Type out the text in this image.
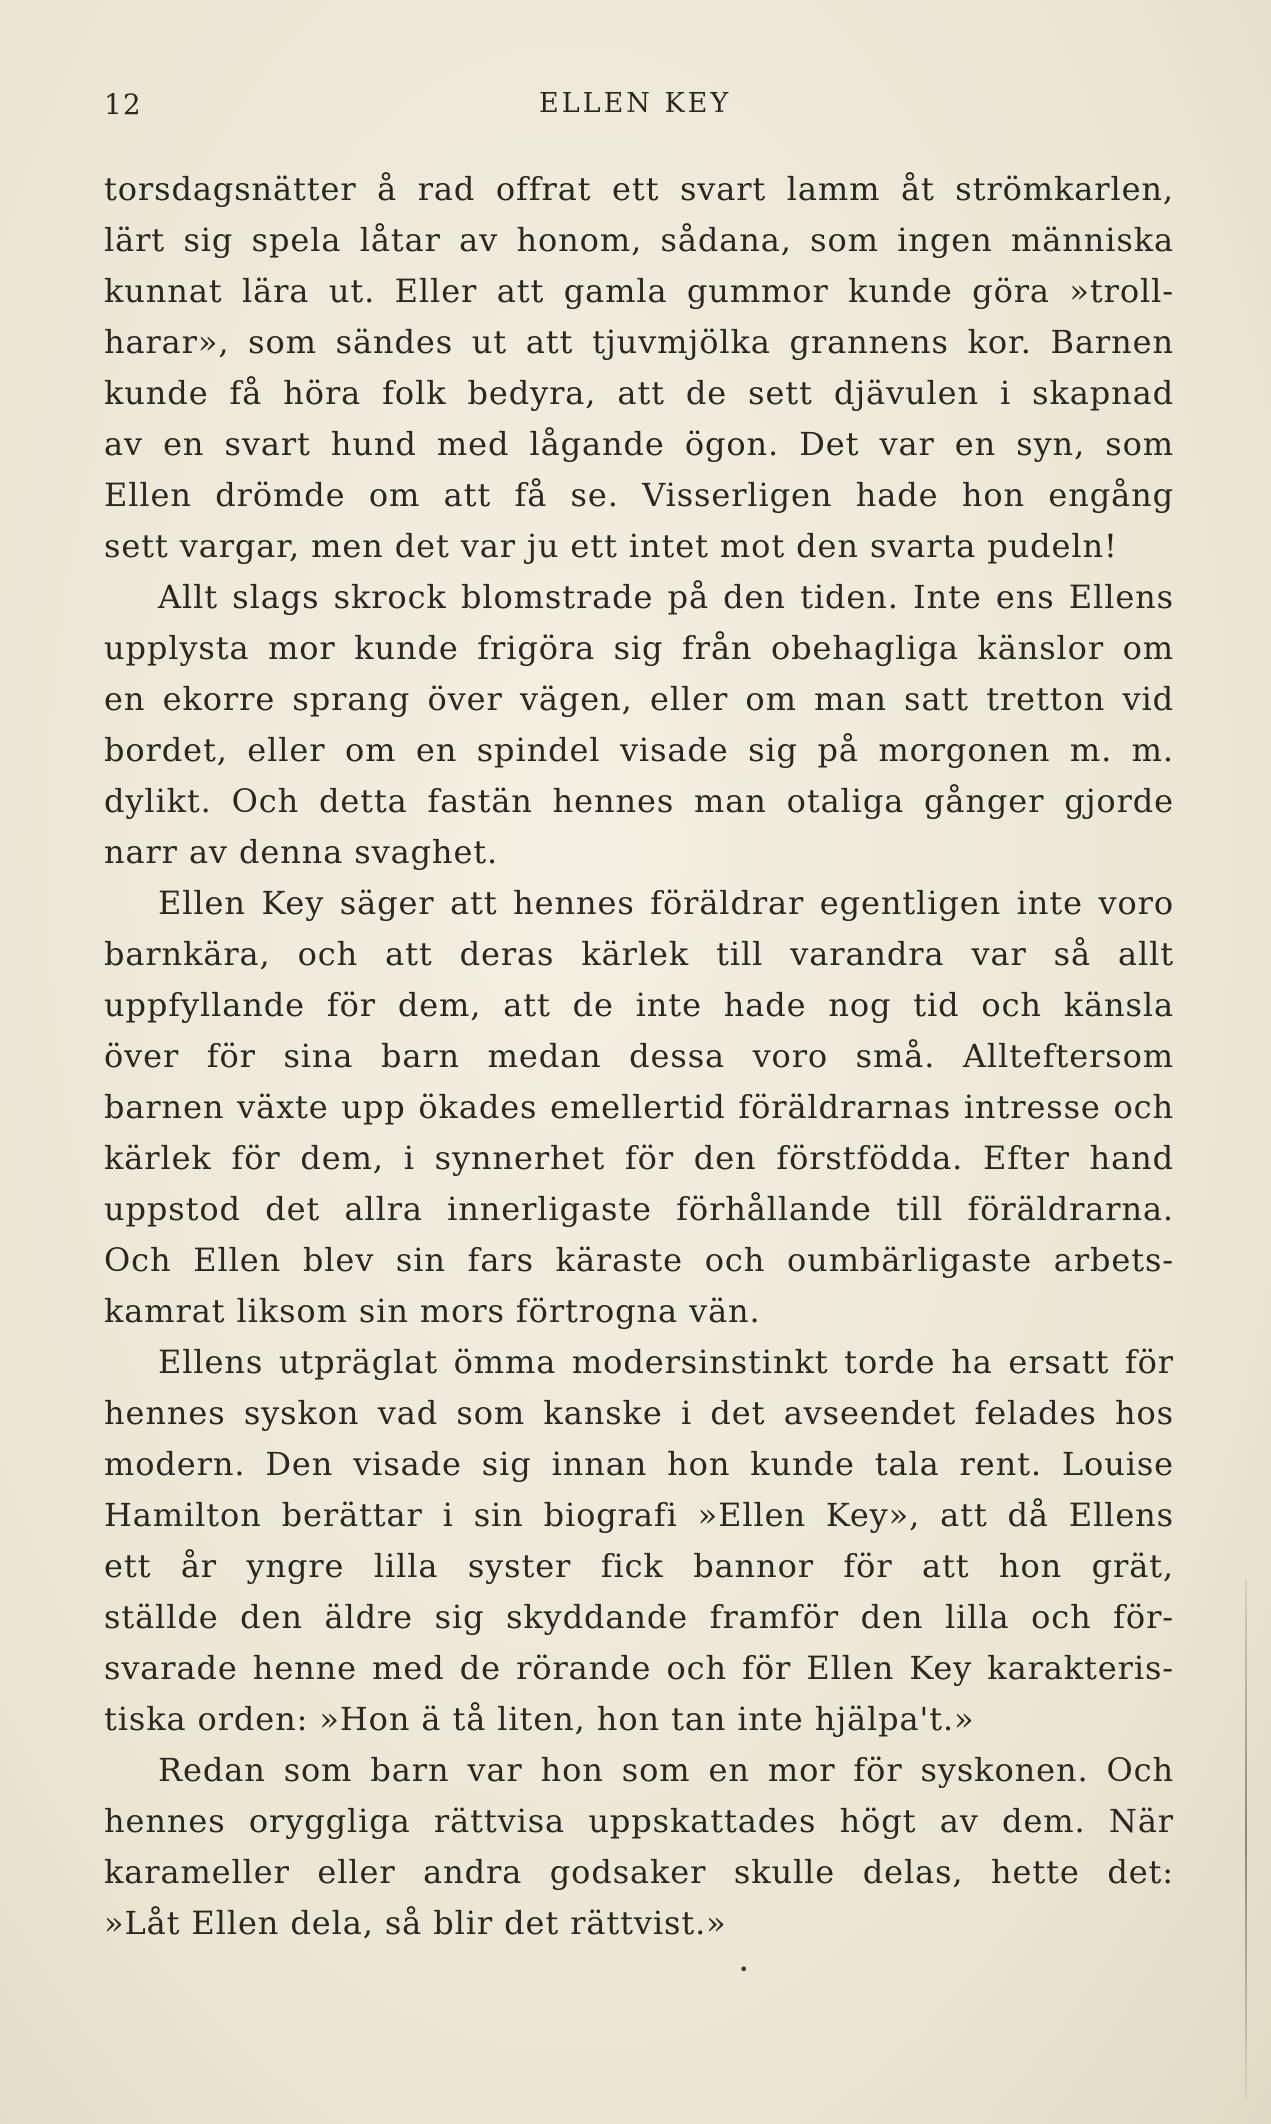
12	ELLEN KEY
torsdagsnätter å rad offrat ett svart lamm åt strömkarlen,
lärt sig spela låtar av honom, sådana, som ingen människa
kunnat lära ut. Eller att gamla gummor kunde göra »troll-
harar», som sändes ut att tjuvmjölka grannens kor. Barnen
kunde få höra folk bedyra, att de sett djävulen i skapnad
av en svart hund med lågande ögon. Det var en syn, som
Ellen drömde om att få se. Visserligen hade hon engång
sett vargar, men det var ju ett intet mot den svarta pudeln!
Allt slags skrock blomstrade på den tiden. Inte ens Ellens
upplysta mor kunde frigöra sig från obehagliga känslor om
en ekorre sprang över vägen, eller om man satt tretton vid
bordet, eller om en spindel visade sig på morgonen m. m.
dylikt. Och detta fastän hennes man otaliga gånger gjorde
narr av denna svaghet.
Ellen Key säger att hennes föräldrar egentligen inte voro
barnkära, och att deras kärlek till varandra var så allt
uppfyllande för dem, att de inte hade nog tid och känsla
över för sina barn medan dessa voro små. Allteftersom
barnen växte upp ökades emellertid föräldrarnas intresse och
kärlek för dem, i synnerhet för den förstfödda. Efter hand
uppstod det allra innerligaste förhållande till föräldrarna.
Och Ellen blev sin fars käraste och oumbärligaste arbets-
kamrat liksom sin mors förtrogna vän.
Ellens utpräglat ömma modersinstinkt torde ha ersatt för
hennes syskon vad som kanske i det avseendet felades hos
modern. Den visade sig innan hon kunde tala rent. Louise
Hamilton berättar i sin biografi »Ellen Key», att då Ellens
ett år yngre lilla syster fick bannor för att hon grät,
ställde den äldre sig skyddande framför den lilla och för-
svarade henne med de rörande och för Ellen Key karakteris-
tiska orden: »Hon ä tå liten, hon tan inte hjälpa't.»
Redan som barn var hon som en mor för syskonen. Och
hennes oryggliga rättvisa uppskattades högt av dem. När
karameller eller andra godsaker skulle delas, hette det:
»Låt Ellen dela, så blir det rättvist.»
•
